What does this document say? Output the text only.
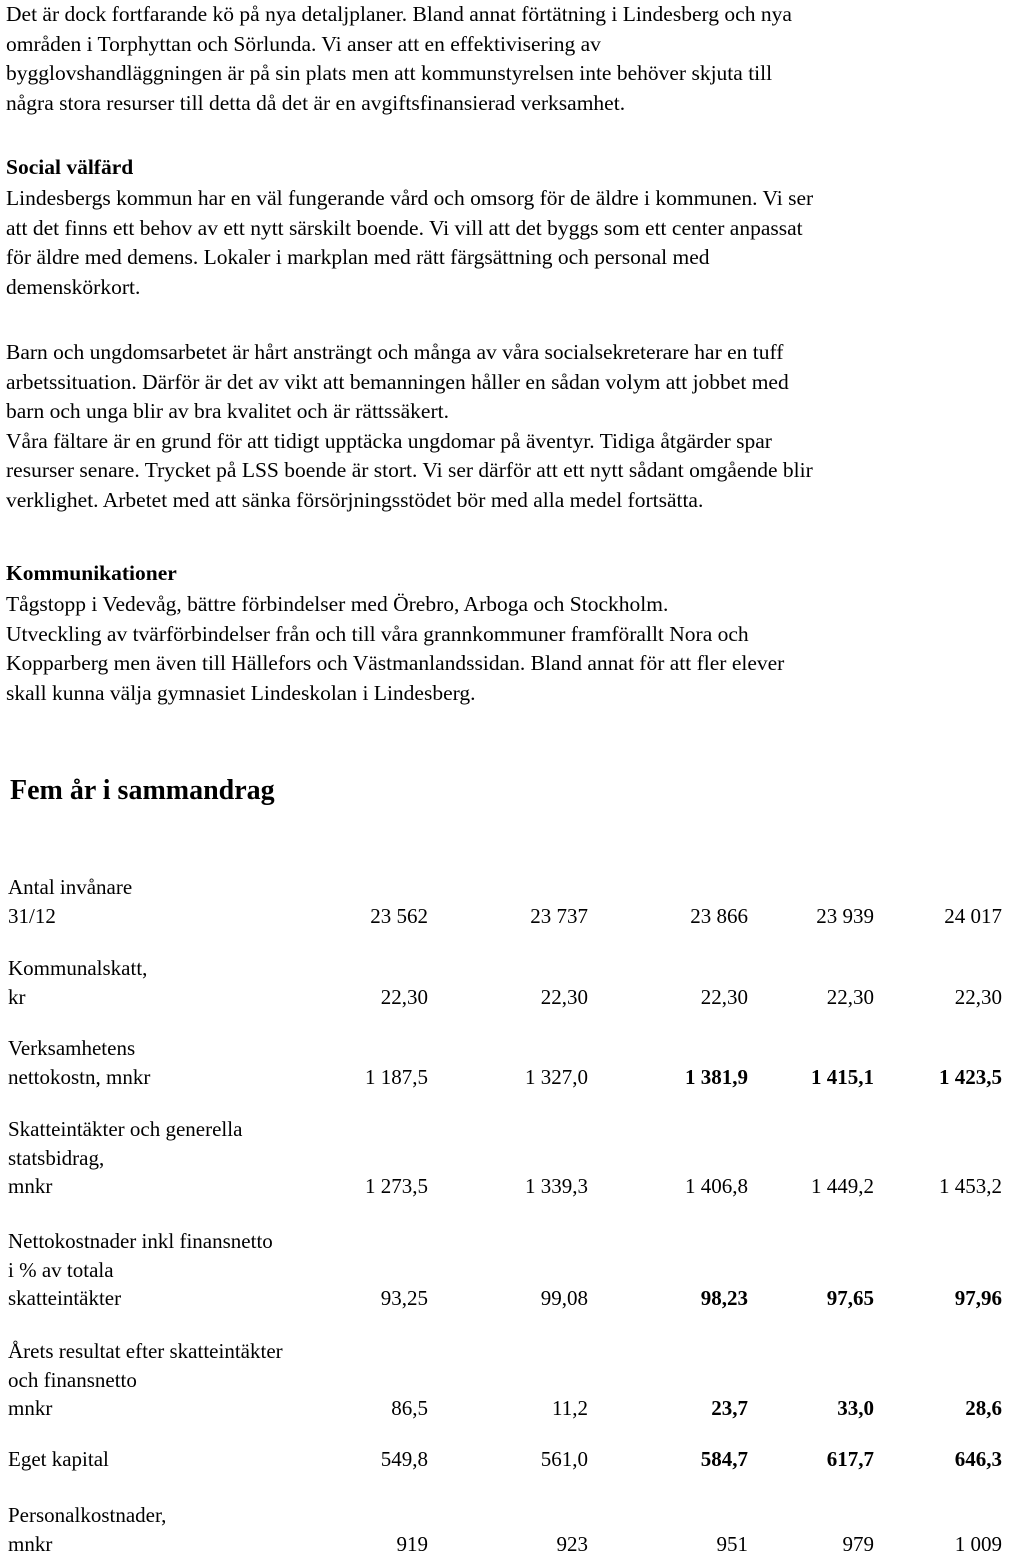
Det är dock fortfarande kö på nya detaljplaner. Bland annat förtätning i Lindesberg och nya
områden i Torphyttan och Sörlunda. Vi anser att en effektivisering av
bygglovshandläggningen är på sin plats men att kommunstyrelsen inte behöver skjuta till
några stora resurser till detta då det är en avgiftsfinansierad verksamhet.
Social välfärd
Lindesbergs kommun har en väl fungerande vård och omsorg för de äldre i kommunen. Vi ser
att det finns ett behov av ett nytt särskilt boende. Vi vill att det byggs som ett center anpassat
för äldre med demens. Lokaler i markplan med rätt färgsättning och personal med
demenskörkort.
Barn och ungdomsarbetet är hårt ansträngt och många av våra socialsekreterare har en tuff
arbetssituation. Därför är det av vikt att bemanningen håller en sådan volym att jobbet med
barn och unga blir av bra kvalitet och är rättssäkert.
Våra fältare är en grund för att tidigt upptäcka ungdomar på äventyr. Tidiga åtgärder spar
resurser senare. Trycket på LSS boende är stort. Vi ser därför att ett nytt sådant omgående blir
verklighet. Arbetet med att sänka försörjningsstödet bör med alla medel fortsätta.
Kommunikationer
Tågstopp i Vedevåg, bättre förbindelser med Örebro, Arboga och Stockholm.
Utveckling av tvärförbindelser från och till våra grannkommuner framförallt Nora och
Kopparberg men även till Hällefors och Västmanlandssidan. Bland annat för att fler elever
skall kunna välja gymnasiet Lindeskolan i Lindesberg.
Fem år i sammandrag
Antal invånare
31/12	23 562	23 737	23 866	23 939	24 017
Kommunalskatt,
kr	22,30	22,30	22,30	22,30	22,30
Verksamhetens
nettokostn, mnkr	1 187,5	1 327,0	1 381,9	1 415,1	1 423,5
Skatteintäkter och generella
statsbidrag,
mnkr	1 273,5	1 339,3	1 406,8	1 449,2	1 453,2
Nettokostnader inkl finansnetto
i % av totala
skatteintäkter	93,25	99,08	98,23	97,65	97,96
Årets resultat efter skatteintäkter
och finansnetto
mnkr	86,5	11,2	23,7	33,0	28,6
Eget kapital	549,8	561,0	584,7	617,7	646,3
Personalkostnader,
mnkr	919	923	951	979	1 009
